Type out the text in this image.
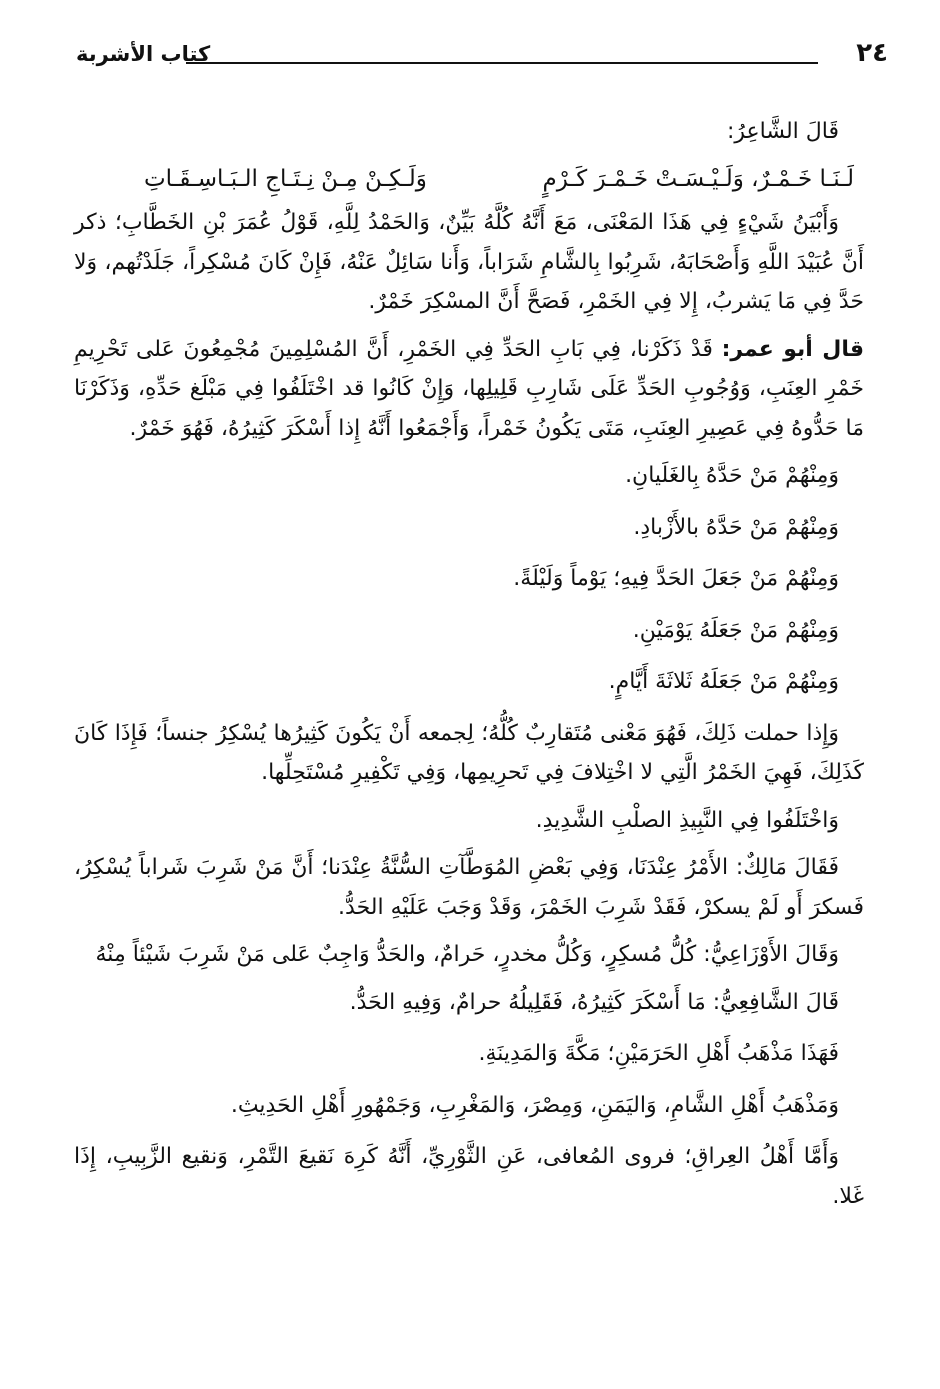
٢٤
كتاب الأشربة

قَالَ الشَّاعِرُ:

لَـنَـا خَـمْـرٌ، وَلَـيْـسَـتْ خَـمْـرَ كَـرْمٍ
وَلَـكِـنْ مِـنْ نِـتَـاجِ الـبَـاسِـقَـاتِ

وَأَبْيَنُ شَيْءٍ فِي هَذَا المَعْنَى، مَعَ أَنَّهُ كُلَّهُ بَيِّنٌ، وَالحَمْدُ لِلَّهِ، قَوْلُ عُمَرَ بْنِ الخَطَّابِ؛ ذكر أَنَّ عُبَيْدَ اللَّهِ وَأَصْحَابَهُ، شَرِبُوا بِالشَّامِ شَرَاباً، وَأَنا سَائِلٌ عَنْهُ، فَإِنْ كَانَ مُسْكِراً، جَلَدْتُهم، وَلا حَدَّ فِي مَا يَشربُ، إِلا فِي الخَمْرِ، فَصَحَّ أَنَّ المسْكِرَ خَمْرٌ.

قال أبو عمر: قَدْ ذَكَرْنا، فِي بَابِ الحَدِّ فِي الخَمْرِ، أَنَّ المُسْلِمِينَ مُجْمِعُونَ عَلى تَحْرِيمِ خَمْرِ العِنَبِ، وَوُجُوبِ الحَدِّ عَلَى شَارِبِ قَلِيلِها، وَإِنْ كَانُوا قد اخْتَلَفُوا فِي مَبْلَغ حَدِّهِ، وَذَكَرْنَا مَا حَدُّوهُ فِي عَصِيرِ العِنَبِ، مَتَى يَكُونُ خَمْراً، وَأَجْمَعُوا أَنَّهُ إِذا أَسْكَرَ كَثِيرُهُ، فَهُوَ خَمْرٌ.

وَمِنْهُمْ مَنْ حَدَّهُ بِالغَلَيانِ.

وَمِنْهُمْ مَنْ حَدَّهُ بالأَزْبادِ.

وَمِنْهُمْ مَنْ جَعَلَ الحَدَّ فِيهِ؛ يَوْماً وَلَيْلَةً.

وَمِنْهُمْ مَنْ جَعَلَهُ يَوْمَيْنِ.

وَمِنْهُمْ مَنْ جَعَلَهُ ثَلاثَةَ أَيَّامٍ.

وَإِذا حملت ذَلِكَ، فَهُوَ مَعْنى مُتَقارِبٌ كُلُّهُ؛ لِجمعه أَنْ يَكُونَ كَثِيرُها يُسْكِرُ جنساً؛ فَإِذَا كَانَ كَذَلِكَ، فَهِيَ الخَمْرُ الَّتِي لا اخْتِلافَ فِي تَحرِيمِها، وَفِي تَكْفِيرِ مُسْتَحِلِّها.

وَاخْتَلَفُوا فِي النَّبِيذِ الصلْبِ الشَّدِيدِ.

فَقَالَ مَالِكٌ: الأَمْرُ عِنْدَنَا، وَفِي بَعْضِ المُوَطَّآتِ السُّنَّةُ عِنْدَنا؛ أَنَّ مَنْ شَرِبَ شَراباً يُسْكِرُ، فَسكرَ أَو لَمْ يسكرْ، فَقَدْ شَرِبَ الخَمْرَ، وَقَدْ وَجَبَ عَلَيْهِ الحَدُّ.

وَقَالَ الأَوْزَاعِيُّ: كُلُّ مُسكِرٍ، وَكُلُّ مخدرٍ، حَرامٌ، والحَدُّ وَاجِبٌ عَلى مَنْ شَرِبَ شَيْئاً مِنْهُ

قَالَ الشَّافِعِيُّ: مَا أَسْكَرَ كَثِيرُهُ، فَقَلِيلُهُ حرامٌ، وَفِيهِ الحَدُّ.

فَهَذَا مَذْهَبُ أَهْلِ الحَرَمَيْنِ؛ مَكَّةَ وَالمَدِينَةِ.

وَمَذْهَبُ أَهْلِ الشَّامِ، وَاليَمَنِ، وَمِصْرَ، وَالمَغْرِبِ، وَجَمْهُورِ أَهْلِ الحَدِيثِ.

وَأَمَّا أَهْلُ العِراقِ؛ فروى المُعافى، عَنِ الثَّوْرِيِّ، أَنَّهُ كَرِهَ نَقيعَ التَّمْرِ، وَنقيع الزَّبِيبِ، إِذَا غَلا.
